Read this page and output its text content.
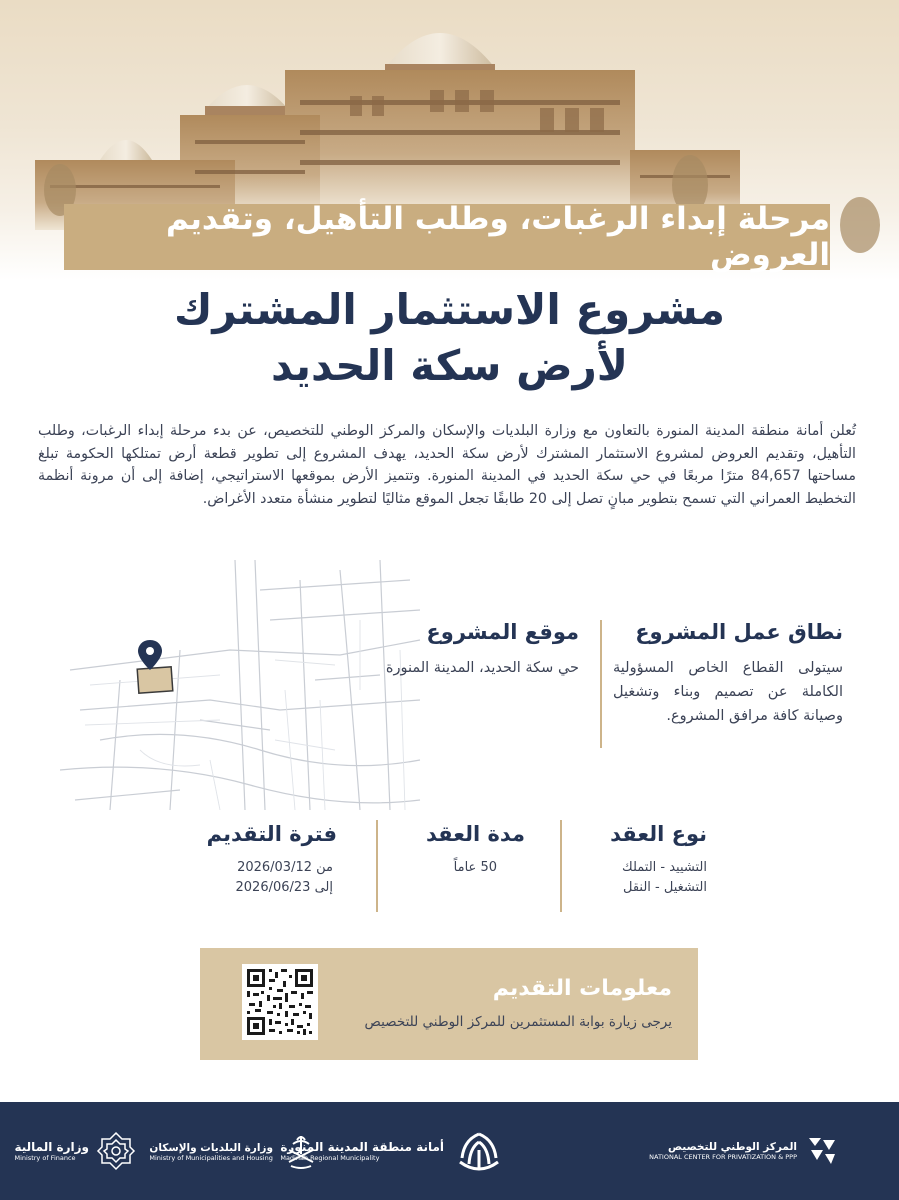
مرحلة إبداء الرغبات، وطلب التأهيل، وتقديم العروض
مشروع الاستثمار المشترك
لأرض سكة الحديد

تُعلن أمانة منطقة المدينة المنورة بالتعاون مع وزارة البلديات والإسكان والمركز الوطني للتخصيص، عن بدء مرحلة إبداء الرغبات، وطلب التأهيل، وتقديم العروض لمشروع الاستثمار المشترك لأرض سكة الحديد، يهدف المشروع إلى تطوير قطعة أرض تمتلكها الحكومة تبلغ مساحتها 84,657 مترًا مربعًا في حي سكة الحديد في المدينة المنورة. وتتميز الأرض بموقعها الاستراتيجي، إضافة إلى أن مرونة أنظمة التخطيط العمراني التي تسمح بتطوير مبانٍ تصل إلى 20 طابقًا تجعل الموقع مثاليًا لتطوير منشأة متعدد الأغراض.

نطاق عمل المشروع

سيتولى القطاع الخاص المسؤولية الكاملة عن تصميم وبناء وتشغيل وصيانة كافة مرافق المشروع.

موقع المشروع

حي سكة الحديد، المدينة المنورة

نوع العقد

التشييد - التملك

التشغيل - النقل

مدة العقد

50 عاماً

فترة التقديم

من 2026/03/12

إلى 2026/06/23

معلومات التقديم

يرجى زيارة بوابة المستثمرين للمركز الوطني للتخصيص

المركز الوطني للتخصيص
NATIONAL CENTER FOR PRIVATIZATION & PPP
أمانة منطقة المدينة المنورة
Madinah Regional Municipality
وزارة البلديات والإسكان
Ministry of Municipalities and Housing
وزارة المالية
Ministry of Finance
